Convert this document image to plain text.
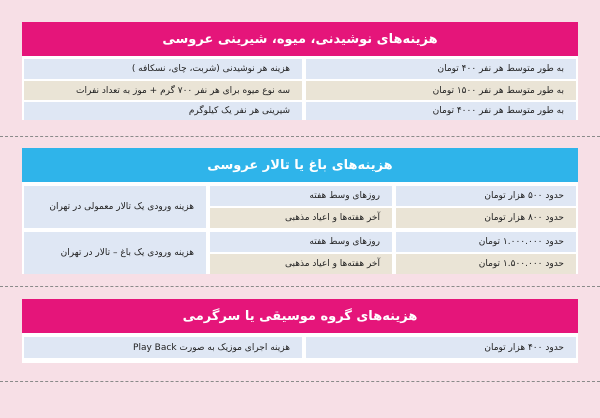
هزینه‌های نوشیدنی، میوه، شیرینی عروسی
به طور متوسط هر نفر ۴۰۰ تومان
هزینه هر نوشیدنی (شربت، چای، نسکافه )
به طور متوسط هر نفر ۱۵۰۰ تومان
سه نوع میوه برای هر نفر ۷۰۰ گرم + موز به تعداد نفرات
به طور متوسط هر نفر ۴۰۰۰ تومان
شیرینی هر نفر یک کیلوگرم
هزینه‌های باغ یا تالار عروسی
حدود ۵۰۰ هزار تومان
حدود ۸۰۰ هزار تومان
حدود ۱.۰۰۰.۰۰۰ تومان
حدود ۱.۵۰۰.۰۰۰ تومان
روزهای وسط هفته
آخر هفته‌ها و اعیاد مذهبی
روزهای وسط هفته
آخر هفته‌ها و اعیاد مذهبی
هزینه ورودی یک تالار معمولی در تهران
هزینه ورودی یک باغ – تالار در تهران
هزینه‌های گروه موسیقی یا سرگرمی
حدود ۴۰۰ هزار تومان
هزینه اجرای موزیک به صورت Play Back
